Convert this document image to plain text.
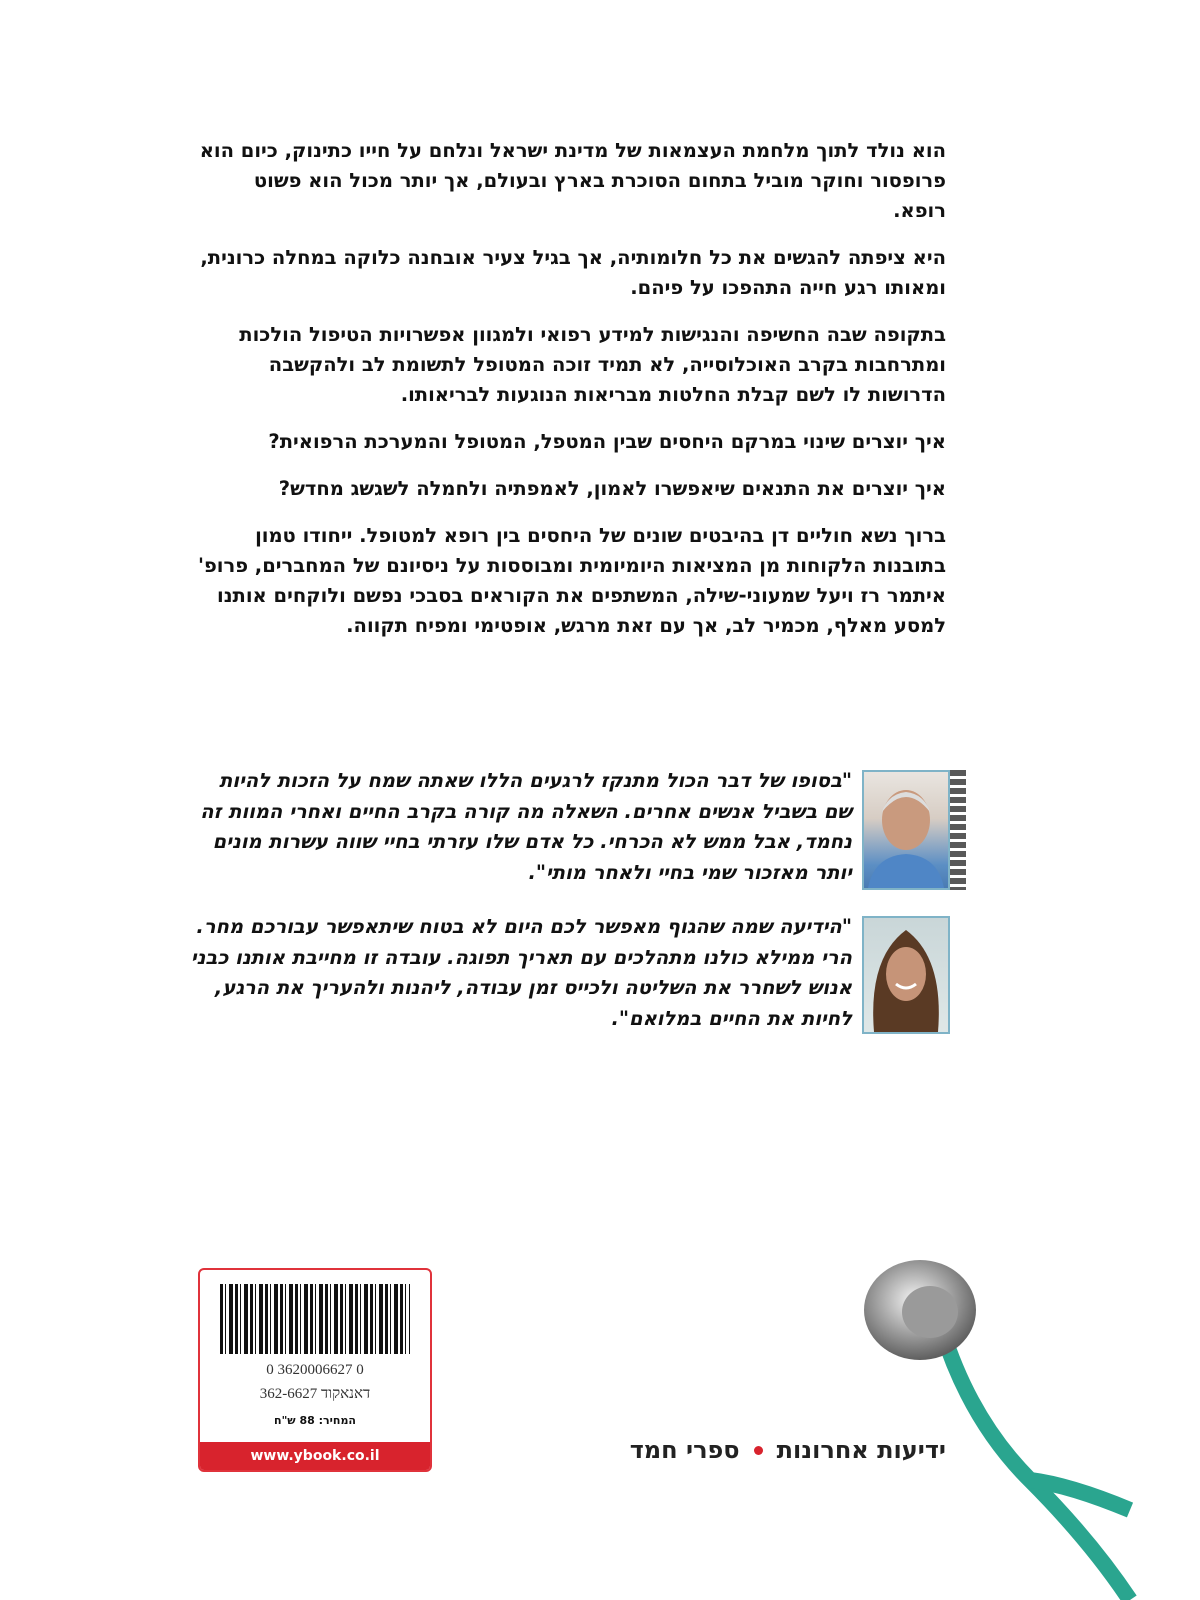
הוא נולד לתוך מלחמת העצמאות של מדינת ישראל ונלחם על חייו כתינוק, כיום הוא פרופסור וחוקר מוביל בתחום הסוכרת בארץ ובעולם, אך יותר מכול הוא פשוט רופא.

היא ציפתה להגשים את כל חלומותיה, אך בגיל צעיר אובחנה כלוקה במחלה כרונית, ומאותו רגע חייה התהפכו על פיהם.

בתקופה שבה החשיפה והנגישות למידע רפואי ולמגוון אפשרויות הטיפול הולכות ומתרחבות בקרב האוכלוסייה, לא תמיד זוכה המטופל לתשומת לב ולהקשבה הדרושות לו לשם קבלת החלטות מבריאות הנוגעות לבריאותו.

איך יוצרים שינוי במרקם היחסים שבין המטפל, המטופל והמערכת הרפואית?

איך יוצרים את התנאים שיאפשרו לאמון, לאמפתיה ולחמלה לשגשג מחדש?

ברוך נשא חוליים דן בהיבטים שונים של היחסים בין רופא למטופל. ייחודו טמון בתובנות הלקוחות מן המציאות היומיומית ומבוססות על ניסיונם של המחברים, פרופ' איתמר רז ויעל שמעוני-שילה, המשתפים את הקוראים בסבכי נפשם ולוקחים אותנו למסע מאלף, מכמיר לב, אך עם זאת מרגש, אופטימי ומפיח תקווה.

"בסופו של דבר הכול מתנקז לרגעים הללו שאתה שמח על הזכות להיות שם בשביל אנשים אחרים. השאלה מה קורה בקרב החיים ואחרי המוות זה נחמד, אבל ממש לא הכרחי. כל אדם שלו עזרתי בחיי שווה עשרות מונים יותר מאזכור שמי בחיי ולאחר מותי".
"הידיעה שמה שהגוף מאפשר לכם היום לא בטוח שיתאפשר עבורכם מחר. הרי ממילא כולנו מתהלכים עם תאריך תפוגה. עובדה זו מחייבת אותנו כבני אנוש לשחרר את השליטה ולכייס זמן עבודה, ליהנות ולהעריך את הרגע, לחיות את החיים במלואם".
0 3620006627 0
דאנאקוד 362-6627
המחיר: 88 ש"ח
www.ybook.co.il	ידיעות אחרונות
ספרי חמד
